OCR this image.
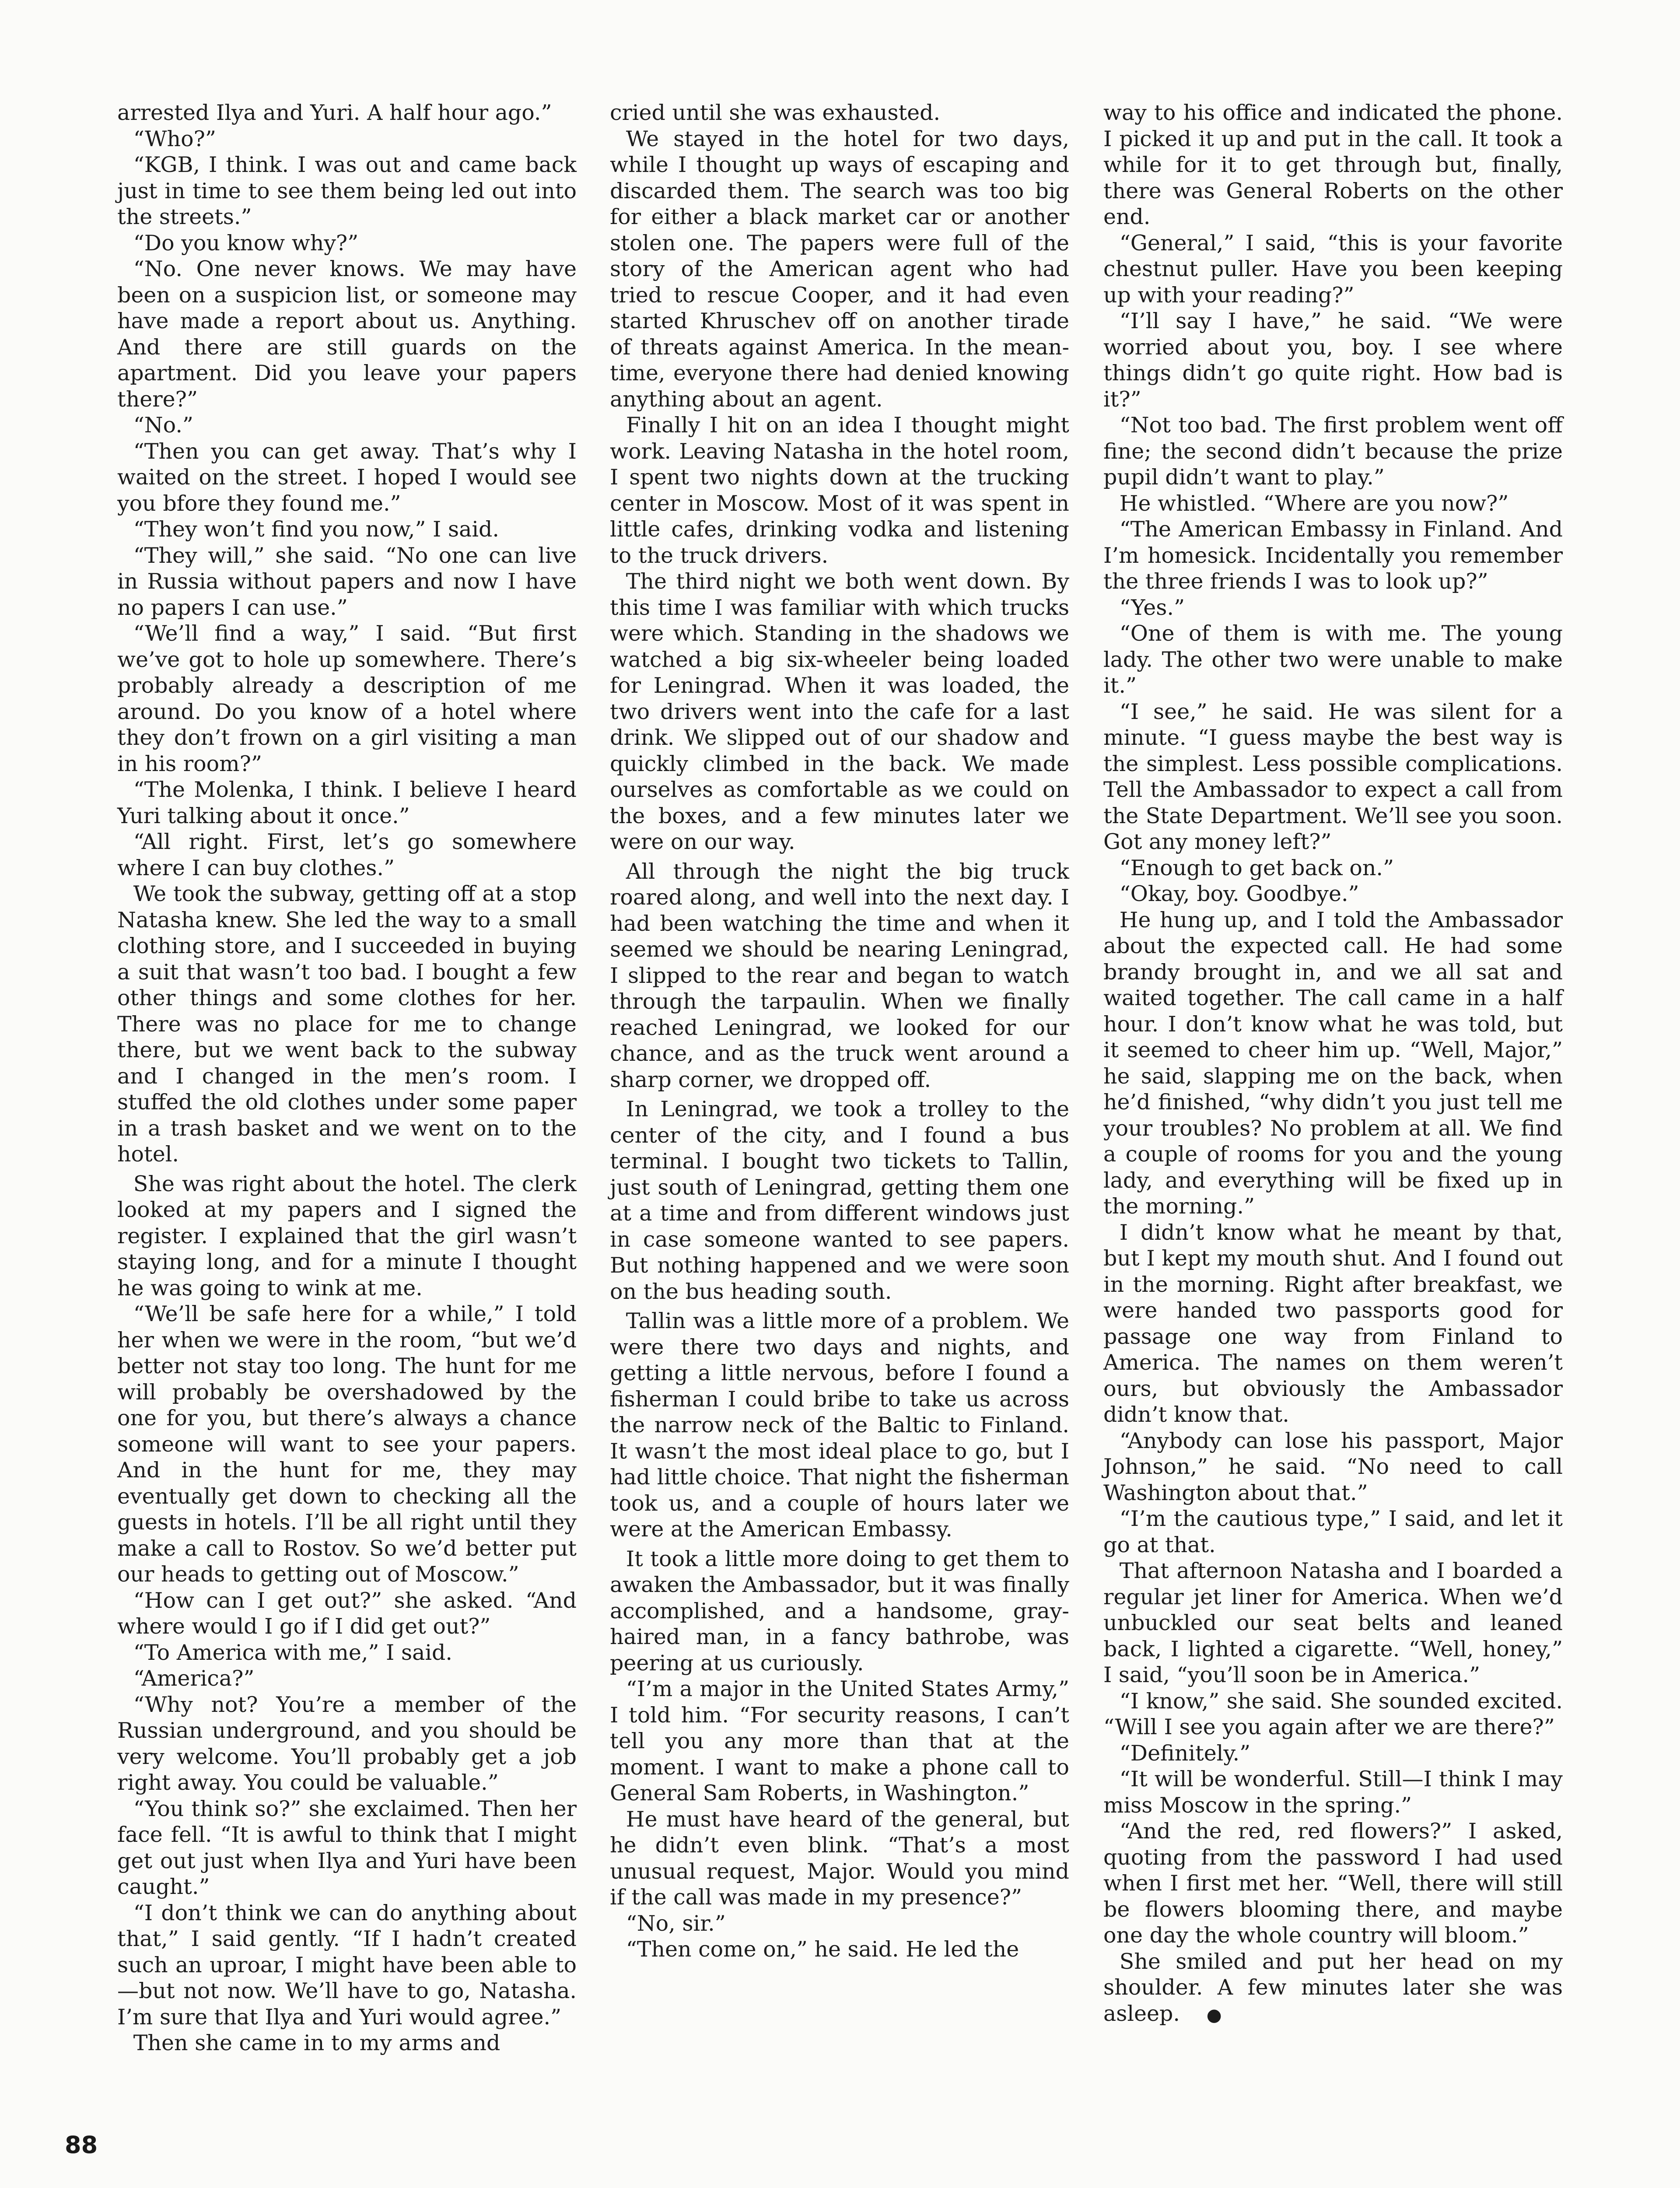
arrested Ilya and Yuri. A half hour ago.”

“Who?”

“KGB, I think. I was out and came back just in time to see them being led out into the streets.”

“Do you know why?”

“No. One never knows. We may have been on a suspicion list, or someone may have made a report about us. Anything. And there are still guards on the apartment. Did you leave your papers there?”

“No.”

“Then you can get away. That’s why I waited on the street. I hoped I would see you bfore they found me.”

“They won’t find you now,” I said.

“They will,” she said. “No one can live in Russia without papers and now I have no papers I can use.”

“We’ll find a way,” I said. “But first we’ve got to hole up somewhere. There’s probably already a description of me around. Do you know of a hotel where they don’t frown on a girl visiting a man in his room?”

“The Molenka, I think. I believe I heard Yuri talking about it once.”

“All right. First, let’s go somewhere where I can buy clothes.”

We took the subway, getting off at a stop Natasha knew. She led the way to a small clothing store, and I succeeded in buying a suit that wasn’t too bad. I bought a few other things and some clothes for her. There was no place for me to change there, but we went back to the subway and I changed in the men’s room. I stuffed the old clothes under some paper in a trash basket and we went on to the hotel.

She was right about the hotel. The clerk looked at my papers and I signed the register. I explained that the girl wasn’t staying long, and for a minute I thought he was going to wink at me.

“We’ll be safe here for a while,” I told her when we were in the room, “but we’d better not stay too long. The hunt for me will probably be overshadowed by the one for you, but there’s always a chance someone will want to see your papers. And in the hunt for me, they may eventually get down to checking all the guests in hotels. I’ll be all right until they make a call to Rostov. So we’d better put our heads to getting out of Moscow.”

“How can I get out?” she asked. “And where would I go if I did get out?”

“To America with me,” I said.

“America?”

“Why not? You’re a member of the Russian underground, and you should be very welcome. You’ll probably get a job right away. You could be valuable.”

“You think so?” she exclaimed. Then her face fell. “It is awful to think that I might get out just when Ilya and Yuri have been caught.”

“I don’t think we can do anything about that,” I said gently. “If I hadn’t created such an uproar, I might have been able to—but not now. We’ll have to go, Natasha. I’m sure that Ilya and Yuri would agree.”

Then she came in to my arms and

cried until she was exhausted.

We stayed in the hotel for two days, while I thought up ways of escaping and discarded them. The search was too big for either a black market car or another stolen one. The papers were full of the story of the American agent who had tried to rescue Cooper, and it had even started Khruschev off on another tirade of threats against America. In the meantime, everyone there had denied knowing anything about an agent.

Finally I hit on an idea I thought might work. Leaving Natasha in the hotel room, I spent two nights down at the trucking center in Moscow. Most of it was spent in little cafes, drinking vodka and listening to the truck drivers.

The third night we both went down. By this time I was familiar with which trucks were which. Standing in the shadows we watched a big six-wheeler being loaded for Leningrad. When it was loaded, the two drivers went into the cafe for a last drink. We slipped out of our shadow and quickly climbed in the back. We made ourselves as comfortable as we could on the boxes, and a few minutes later we were on our way.

All through the night the big truck roared along, and well into the next day. I had been watching the time and when it seemed we should be nearing Leningrad, I slipped to the rear and began to watch through the tarpaulin. When we finally reached Leningrad, we looked for our chance, and as the truck went around a sharp corner, we dropped off.

In Leningrad, we took a trolley to the center of the city, and I found a bus terminal. I bought two tickets to Tallin, just south of Leningrad, getting them one at a time and from different windows just in case someone wanted to see papers. But nothing happened and we were soon on the bus heading south.

Tallin was a little more of a problem. We were there two days and nights, and getting a little nervous, before I found a fisherman I could bribe to take us across the narrow neck of the Baltic to Finland. It wasn’t the most ideal place to go, but I had little choice. That night the fisherman took us, and a couple of hours later we were at the American Embassy.

It took a little more doing to get them to awaken the Ambassador, but it was finally accomplished, and a handsome, gray-haired man, in a fancy bathrobe, was peering at us curiously.

“I’m a major in the United States Army,” I told him. “For security reasons, I can’t tell you any more than that at the moment. I want to make a phone call to General Sam Roberts, in Washington.”

He must have heard of the general, but he didn’t even blink. “That’s a most unusual request, Major. Would you mind if the call was made in my presence?”

“No, sir.”

“Then come on,” he said. He led the

way to his office and indicated the phone. I picked it up and put in the call. It took a while for it to get through but, finally, there was General Roberts on the other end.

“General,” I said, “this is your favorite chestnut puller. Have you been keeping up with your reading?”

“I’ll say I have,” he said. “We were worried about you, boy. I see where things didn’t go quite right. How bad is it?”

“Not too bad. The first problem went off fine; the second didn’t because the prize pupil didn’t want to play.”

He whistled. “Where are you now?”

“The American Embassy in Finland. And I’m homesick. Incidentally you remember the three friends I was to look up?”

“Yes.”

“One of them is with me. The young lady. The other two were unable to make it.”

“I see,” he said. He was silent for a minute. “I guess maybe the best way is the simplest. Less possible complications. Tell the Ambassador to expect a call from the State Department. We’ll see you soon. Got any money left?”

“Enough to get back on.”

“Okay, boy. Goodbye.”

He hung up, and I told the Ambassador about the expected call. He had some brandy brought in, and we all sat and waited together. The call came in a half hour. I don’t know what he was told, but it seemed to cheer him up. “Well, Major,” he said, slapping me on the back, when he’d finished, “why didn’t you just tell me your troubles? No problem at all. We find a couple of rooms for you and the young lady, and everything will be fixed up in the morning.”

I didn’t know what he meant by that, but I kept my mouth shut. And I found out in the morning. Right after breakfast, we were handed two passports good for passage one way from Finland to America. The names on them weren’t ours, but obviously the Ambassador didn’t know that.

“Anybody can lose his passport, Major Johnson,” he said. “No need to call Washington about that.”

“I’m the cautious type,” I said, and let it go at that.

That afternoon Natasha and I boarded a regular jet liner for America. When we’d unbuckled our seat belts and leaned back, I lighted a cigarette. “Well, honey,” I said, “you’ll soon be in America.”

“I know,” she said. She sounded excited. “Will I see you again after we are there?”

“Definitely.”

“It will be wonderful. Still—I think I may miss Moscow in the spring.”

“And the red, red flowers?” I asked, quoting from the password I had used when I first met her. “Well, there will still be flowers blooming there, and maybe one day the whole country will bloom.”

She smiled and put her head on my shoulder. A few minutes later she was asleep. ●

88
